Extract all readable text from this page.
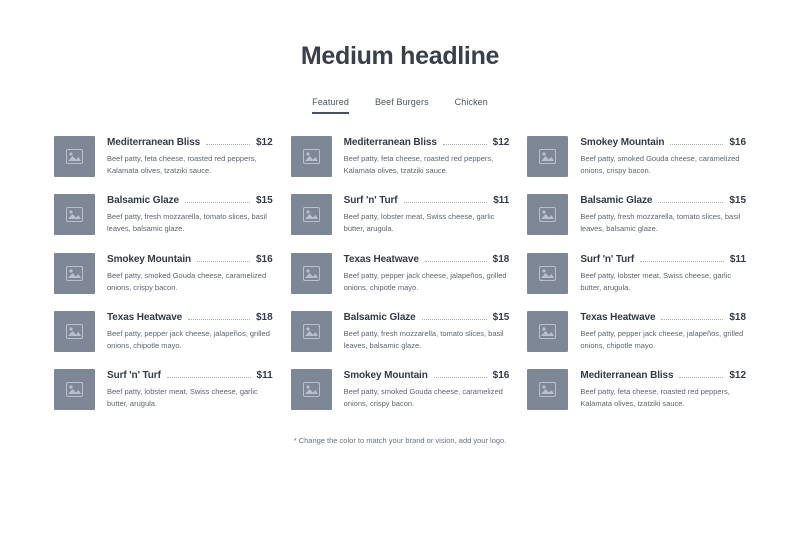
Medium headline
Featured	Beef Burgers	Chicken
Mediterranean Bliss	$12
Beef patty, feta cheese, roasted red peppers, Kalamata olives, tzatziki sauce.
Balsamic Glaze	$15
Beef patty, fresh mozzarella, tomato slices, basil leaves, balsamic glaze.
Smokey Mountain	$16
Beef patty, smoked Gouda cheese, caramelized onions, crispy bacon.
Texas Heatwave	$18
Beef patty, pepper jack cheese, jalapeños, grilled onions, chipotle mayo.
Surf 'n' Turf	$11
Beef patty, lobster meat, Swiss cheese, garlic butter, arugula.
Mediterranean Bliss	$12
Beef patty, feta cheese, roasted red peppers, Kalamata olives, tzatziki sauce.
Surf 'n' Turf	$11
Beef patty, lobster meat, Swiss cheese, garlic butter, arugula.
Texas Heatwave	$18
Beef patty, pepper jack cheese, jalapeños, grilled onions, chipotle mayo.
Balsamic Glaze	$15
Beef patty, fresh mozzarella, tomato slices, basil leaves, balsamic glaze.
Smokey Mountain	$16
Beef patty, smoked Gouda cheese, caramelized onions, crispy bacon.
Smokey Mountain	$16
Beef patty, smoked Gouda cheese, caramelized onions, crispy bacon.
Balsamic Glaze	$15
Beef patty, fresh mozzarella, tomato slices, basil leaves, balsamic glaze.
Surf 'n' Turf	$11
Beef patty, lobster meat, Swiss cheese, garlic butter, arugula.
Texas Heatwave	$18
Beef patty, pepper jack cheese, jalapeños, grilled onions, chipotle mayo.
Mediterranean Bliss	$12
Beef patty, feta cheese, roasted red peppers, Kalamata olives, tzatziki sauce.
* Change the color to match your brand or vision, add your logo.
